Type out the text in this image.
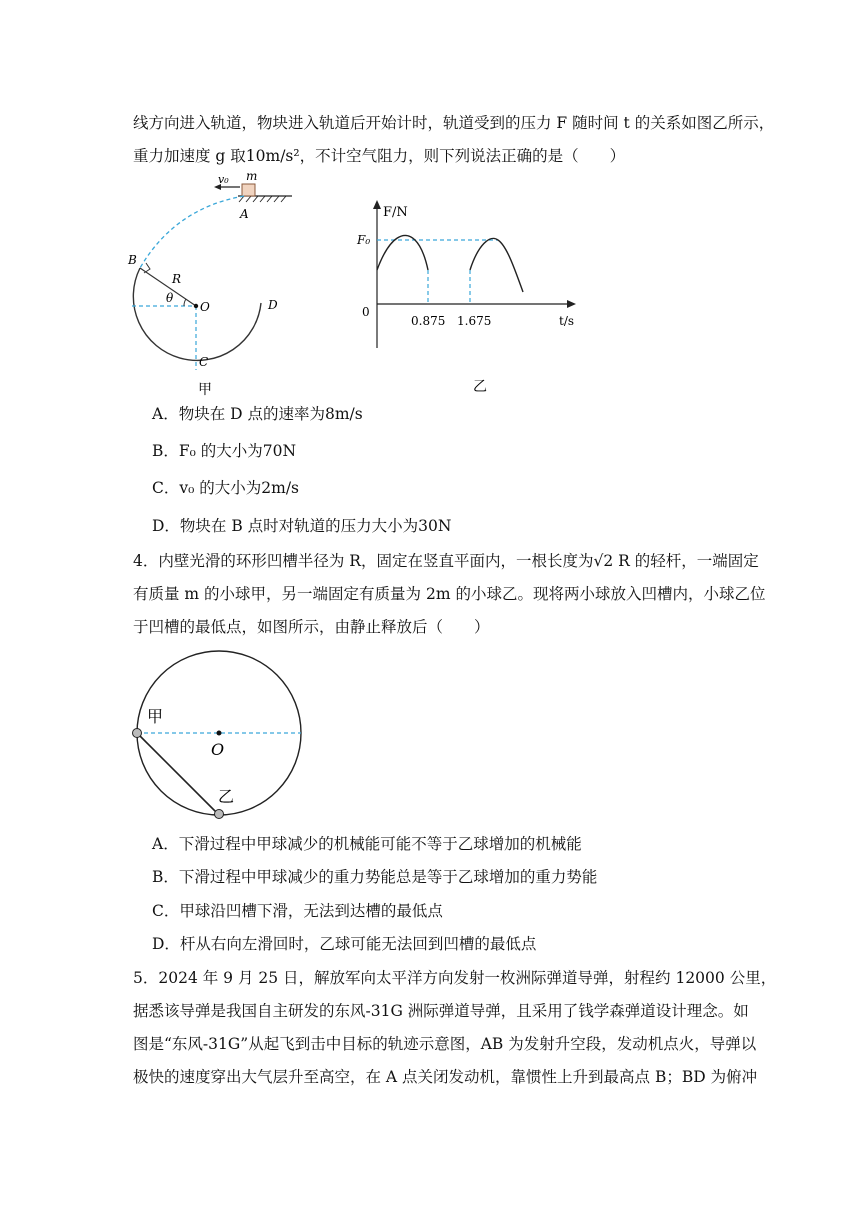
线方向进入轨道，物块进入轨道后开始计时，轨道受到的压力 F 随时间 t 的关系如图乙所示，
重力加速度 g 取10m/s²，不计空气阻力，则下列说法正确的是（　　）
v₀ m
A
B
R
θ
O
C
D
甲
F/N
F₀
0
0.875 1.675	t/s
乙
A．物块在 D 点的速率为8m/s
B．F₀ 的大小为70N
C．v₀ 的大小为2m/s
D．物块在 B 点时对轨道的压力大小为30N
4．内壁光滑的环形凹槽半径为 R，固定在竖直平面内，一根长度为√2 R 的轻杆，一端固定
有质量 m 的小球甲，另一端固定有质量为 2m 的小球乙。现将两小球放入凹槽内，小球乙位
于凹槽的最低点，如图所示，由静止释放后（　　）
甲
O
乙
A．下滑过程中甲球减少的机械能可能不等于乙球增加的机械能
B．下滑过程中甲球减少的重力势能总是等于乙球增加的重力势能
C．甲球沿凹槽下滑，无法到达槽的最低点
D．杆从右向左滑回时，乙球可能无法回到凹槽的最低点
5．2024 年 9 月 25 日，解放军向太平洋方向发射一枚洲际弹道导弹，射程约 12000 公里，
据悉该导弹是我国自主研发的东风-31G 洲际弹道导弹，且采用了钱学森弹道设计理念。如
图是“东风-31G”从起飞到击中目标的轨迹示意图，AB 为发射升空段，发动机点火，导弹以
极快的速度穿出大气层升至高空，在 A 点关闭发动机，靠惯性上升到最高点 B；BD 为俯冲
